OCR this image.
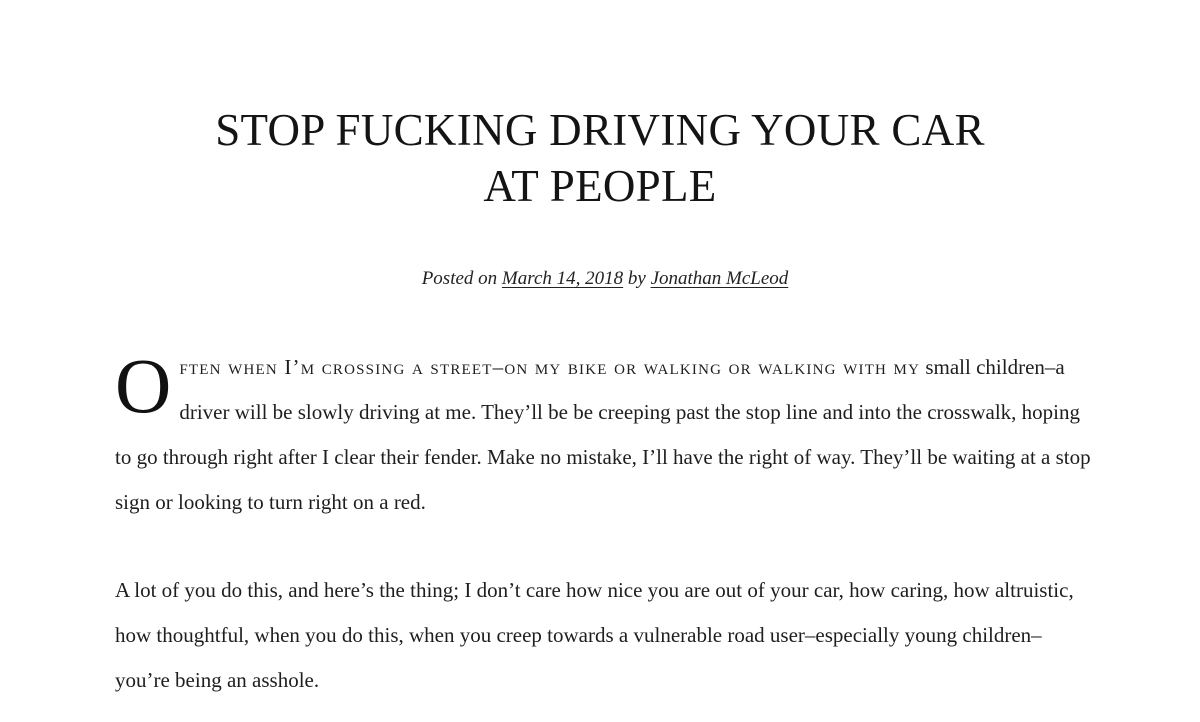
STOP FUCKING DRIVING YOUR CAR
AT PEOPLE
Posted on March 14, 2018 by Jonathan McLeod

Often when I’m crossing a street–on my bike or walking or walking with my small children–a driver will be slowly driving at me. They’ll be be creeping past the stop line and into the crosswalk, hoping to go through right after I clear their fender. Make no mistake, I’ll have the right of way. They’ll be waiting at a stop sign or looking to turn right on a red.

A lot of you do this, and here’s the thing; I don’t care how nice you are out of your car, how caring, how altruistic, how thoughtful, when you do this, when you creep towards a vulnerable road user–especially young children–you’re being an asshole.
